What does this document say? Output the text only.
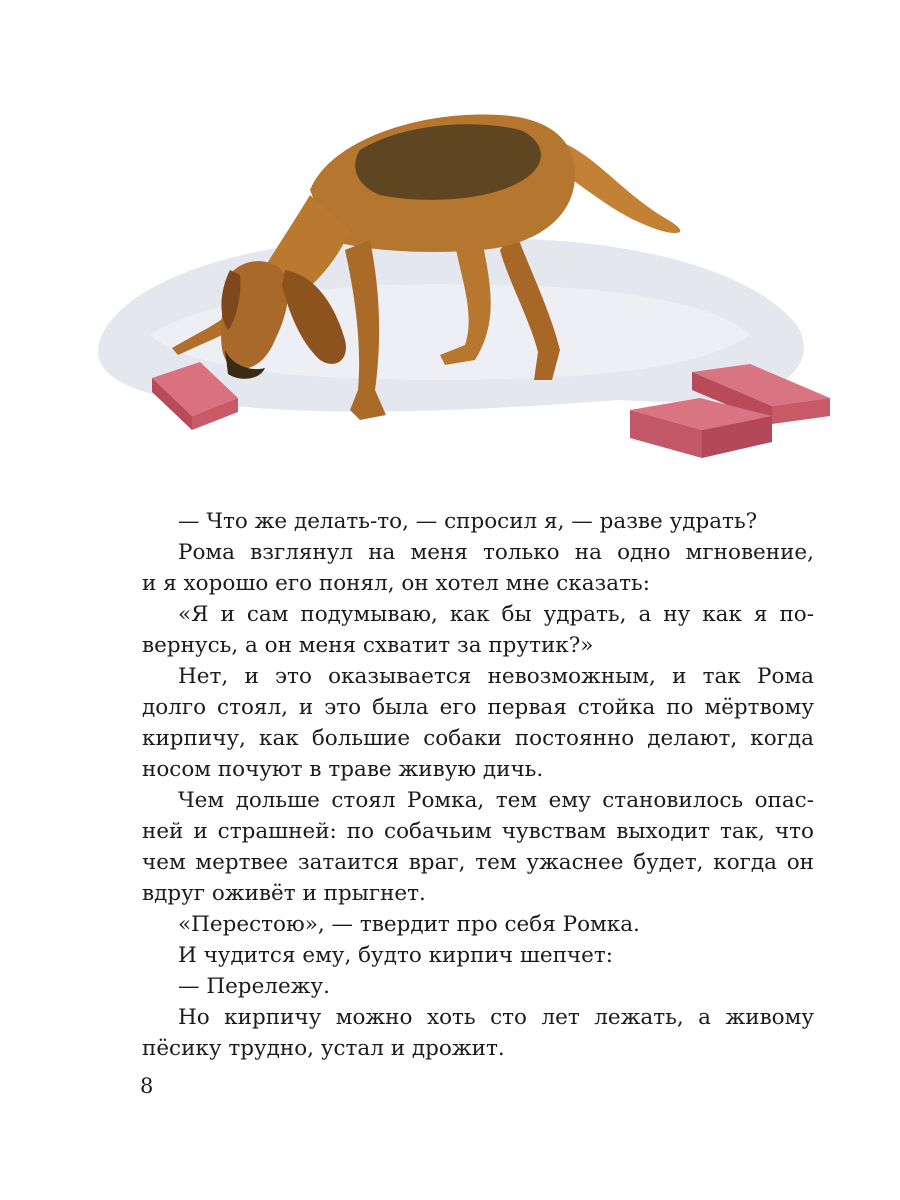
— Что же делать-то, — спросил я, — разве удрать?
Рома взглянул на меня только на одно мгновение,
и я хорошо его понял, он хотел мне сказать:
«Я и сам подумываю, как бы удрать, а ну как я по-
вернусь, а он меня схватит за прутик?»
Нет, и это оказывается невозможным, и так Рома
долго стоял, и это была его первая стойка по мёртвому
кирпичу, как большие собаки постоянно делают, когда
носом почуют в траве живую дичь.
Чем дольше стоял Ромка, тем ему становилось опас-
ней и страшней: по собачьим чувствам выходит так, что
чем мертвее затаится враг, тем ужаснее будет, когда он
вдруг оживёт и прыгнет.
«Перестою», — твердит про себя Ромка.
И чудится ему, будто кирпич шепчет:
— Перележу.
Но кирпичу можно хоть сто лет лежать, а живому
пёсику трудно, устал и дрожит.
8
